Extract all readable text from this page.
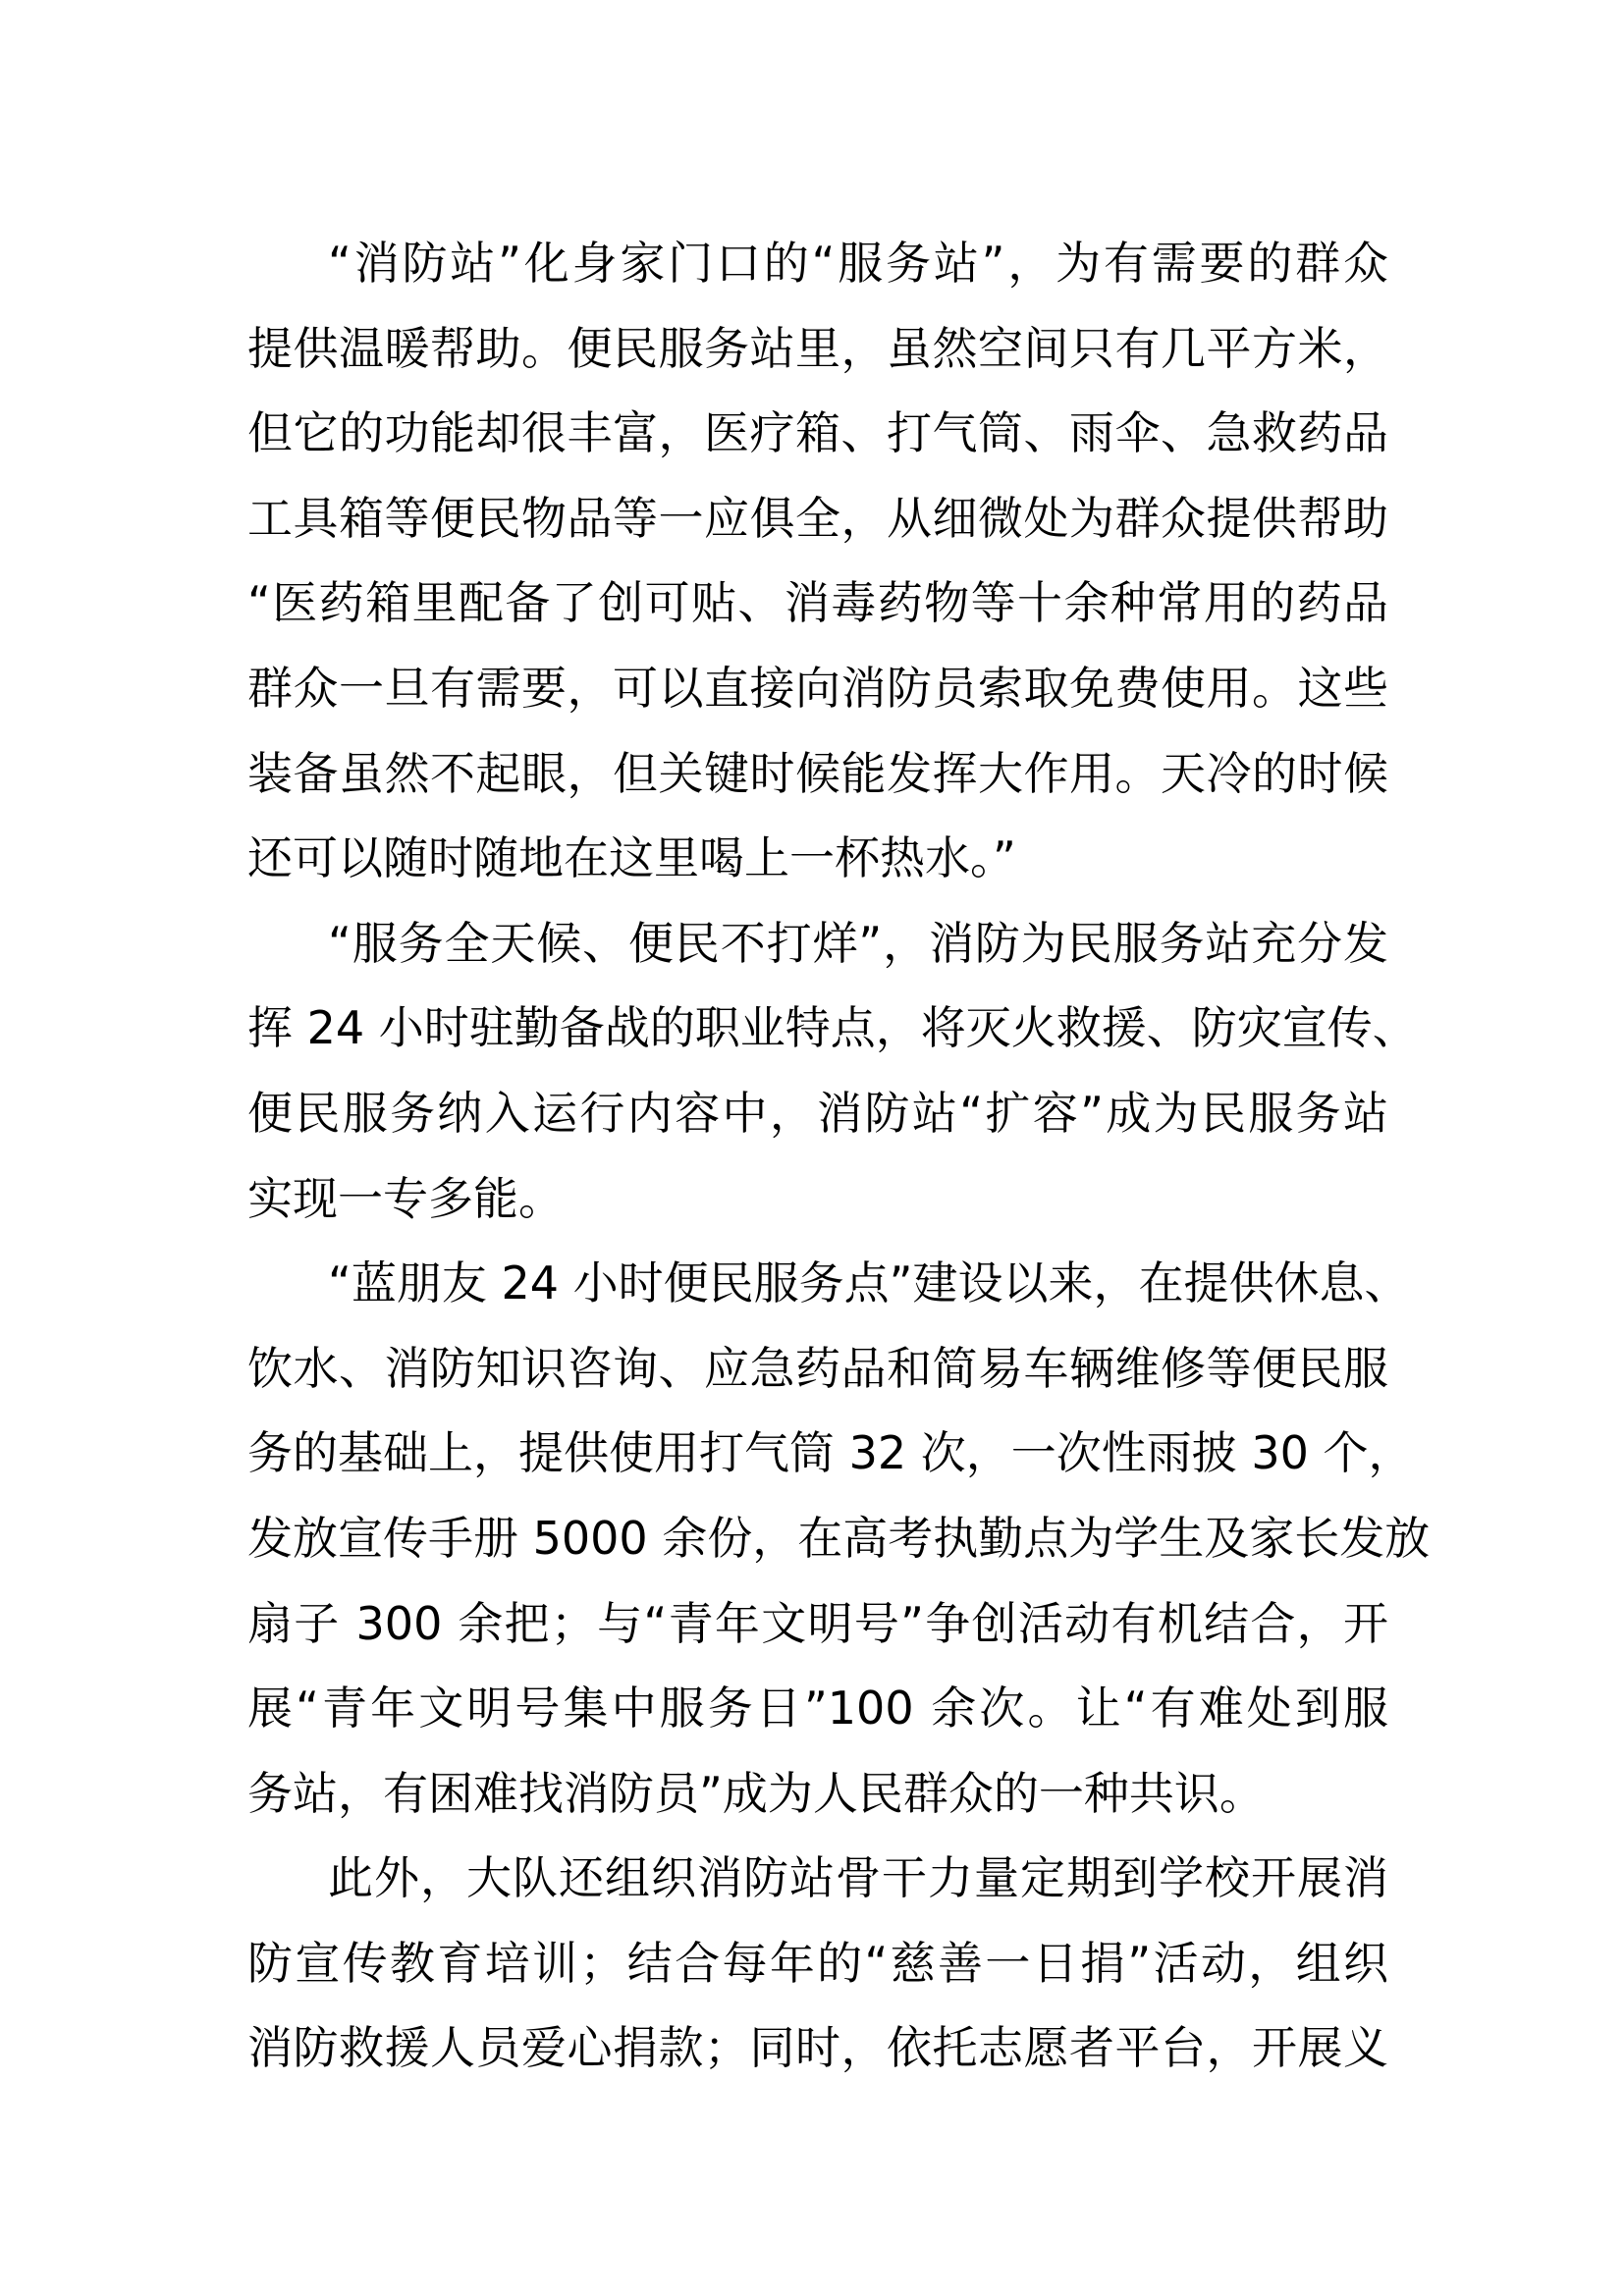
“消防站”化身家门口的“服务站”，为有需要的群众
提供温暖帮助。便民服务站里，虽然空间只有几平方米，
但它的功能却很丰富，医疗箱、打气筒、雨伞、急救药品
工具箱等便民物品等一应俱全，从细微处为群众提供帮助
“医药箱里配备了创可贴、消毒药物等十余种常用的药品
群众一旦有需要，可以直接向消防员索取免费使用。这些
装备虽然不起眼，但关键时候能发挥大作用。天冷的时候
还可以随时随地在这里喝上一杯热水。”
“服务全天候、便民不打烊”，消防为民服务站充分发
挥 24 小时驻勤备战的职业特点，将灭火救援、防灾宣传、
便民服务纳入运行内容中，消防站“扩容”成为民服务站
实现一专多能。
“蓝朋友 24 小时便民服务点”建设以来，在提供休息、
饮水、消防知识咨询、应急药品和简易车辆维修等便民服
务的基础上，提供使用打气筒 32 次，一次性雨披 30 个，
发放宣传手册 5000 余份，在高考执勤点为学生及家长发放
扇子 300 余把；与“青年文明号”争创活动有机结合，开
展“青年文明号集中服务日”100 余次。让“有难处到服
务站，有困难找消防员”成为人民群众的一种共识。
此外，大队还组织消防站骨干力量定期到学校开展消
防宣传教育培训；结合每年的“慈善一日捐”活动，组织
消防救援人员爱心捐款；同时，依托志愿者平台，开展义
